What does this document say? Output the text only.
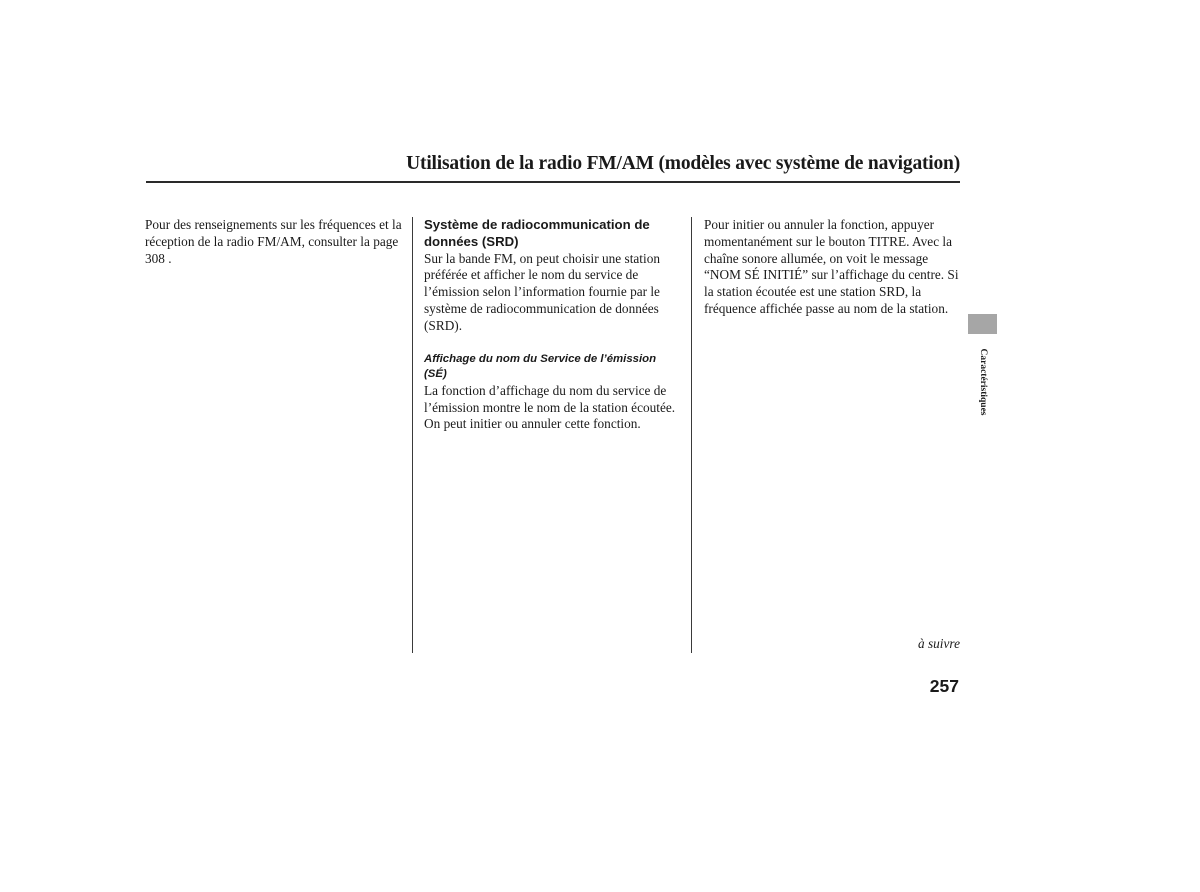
Utilisation de la radio FM/AM (modèles avec système de navigation)

Pour des renseignements sur les fréquences et la réception de la radio FM/AM, consulter la page 308 .

Système de radiocommunication de données (SRD)

Sur la bande FM, on peut choisir une station préférée et afficher le nom du service de l’émission selon l’information fournie par le système de radiocommunication de données (SRD).

Affichage du nom du Service de l’émission (SÉ)

La fonction d’affichage du nom du service de l’émission montre le nom de la station écoutée. On peut initier ou annuler cette fonction.

Pour initier ou annuler la fonction, appuyer momentanément sur le bouton TITRE. Avec la chaîne sonore allumée, on voit le message “NOM SÉ INITIÉ” sur l’affichage du centre. Si la station écoutée est une station SRD, la fréquence affichée passe au nom de la station.

Caractéristiques
à suivre
257
